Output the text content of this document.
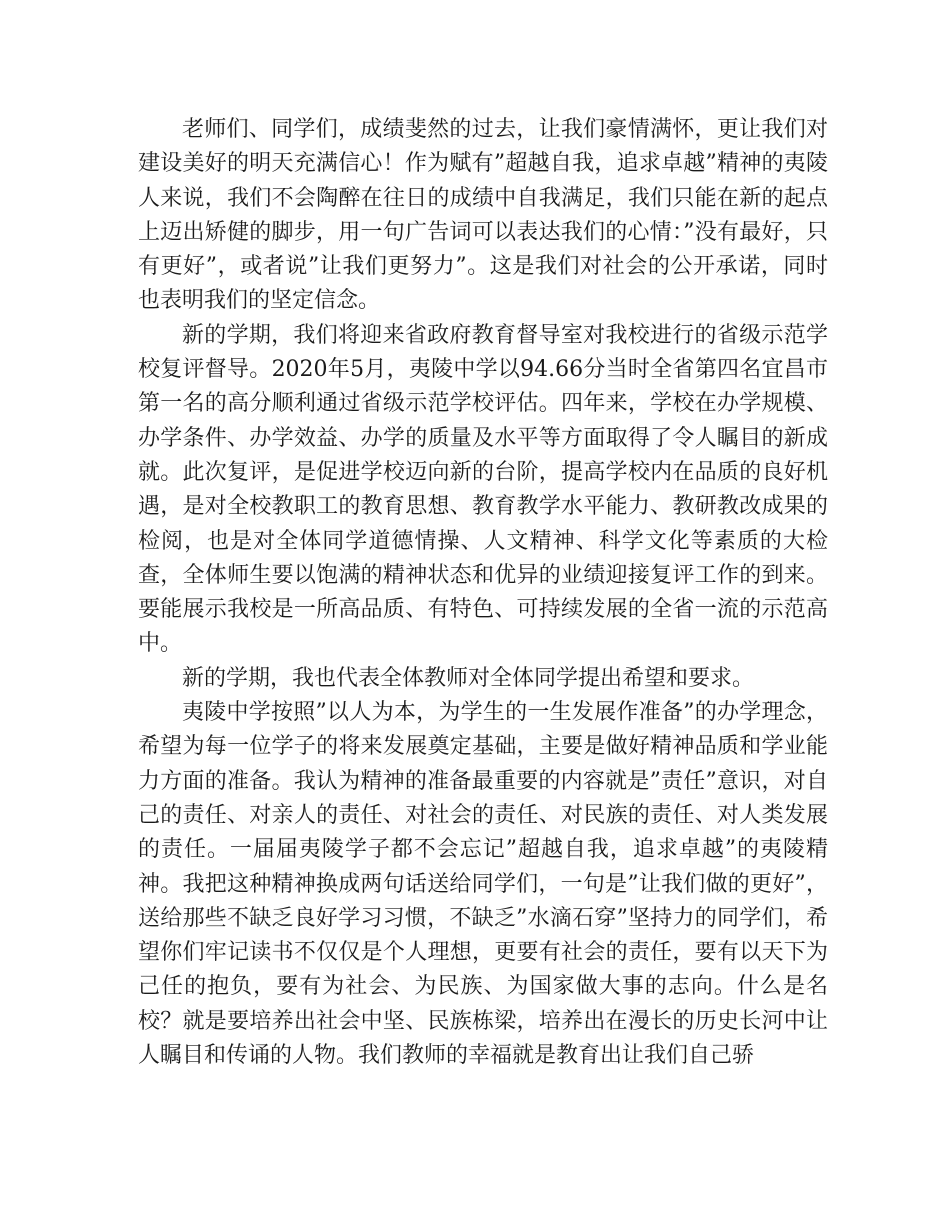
老师们、同学们，成绩斐然的过去，让我们豪情满怀，更让我们对建设美好的明天充满信心！作为赋有”超越自我，追求卓越”精神的夷陵人来说，我们不会陶醉在往日的成绩中自我满足，我们只能在新的起点上迈出矫健的脚步，用一句广告词可以表达我们的心情：”没有最好，只有更好”，或者说”让我们更努力”。这是我们对社会的公开承诺，同时也表明我们的坚定信念。

新的学期，我们将迎来省政府教育督导室对我校进行的省级示范学校复评督导。2020年5月，夷陵中学以94.66分当时全省第四名宜昌市第一名的高分顺利通过省级示范学校评估。四年来，学校在办学规模、办学条件、办学效益、办学的质量及水平等方面取得了令人瞩目的新成就。此次复评，是促进学校迈向新的台阶，提高学校内在品质的良好机遇，是对全校教职工的教育思想、教育教学水平能力、教研教改成果的检阅，也是对全体同学道德情操、人文精神、科学文化等素质的大检查，全体师生要以饱满的精神状态和优异的业绩迎接复评工作的到来。要能展示我校是一所高品质、有特色、可持续发展的全省一流的示范高中。

新的学期，我也代表全体教师对全体同学提出希望和要求。

夷陵中学按照”以人为本，为学生的一生发展作准备”的办学理念，希望为每一位学子的将来发展奠定基础，主要是做好精神品质和学业能力方面的准备。我认为精神的准备最重要的内容就是”责任”意识，对自己的责任、对亲人的责任、对社会的责任、对民族的责任、对人类发展的责任。一届届夷陵学子都不会忘记”超越自我，追求卓越”的夷陵精神。我把这种精神换成两句话送给同学们，一句是”让我们做的更好”，送给那些不缺乏良好学习习惯，不缺乏”水滴石穿”坚持力的同学们，希望你们牢记读书不仅仅是个人理想，更要有社会的责任，要有以天下为己任的抱负，要有为社会、为民族、为国家做大事的志向。什么是名校？就是要培养出社会中坚、民族栋梁，培养出在漫长的历史长河中让人瞩目和传诵的人物。我们教师的幸福就是教育出让我们自己骄
